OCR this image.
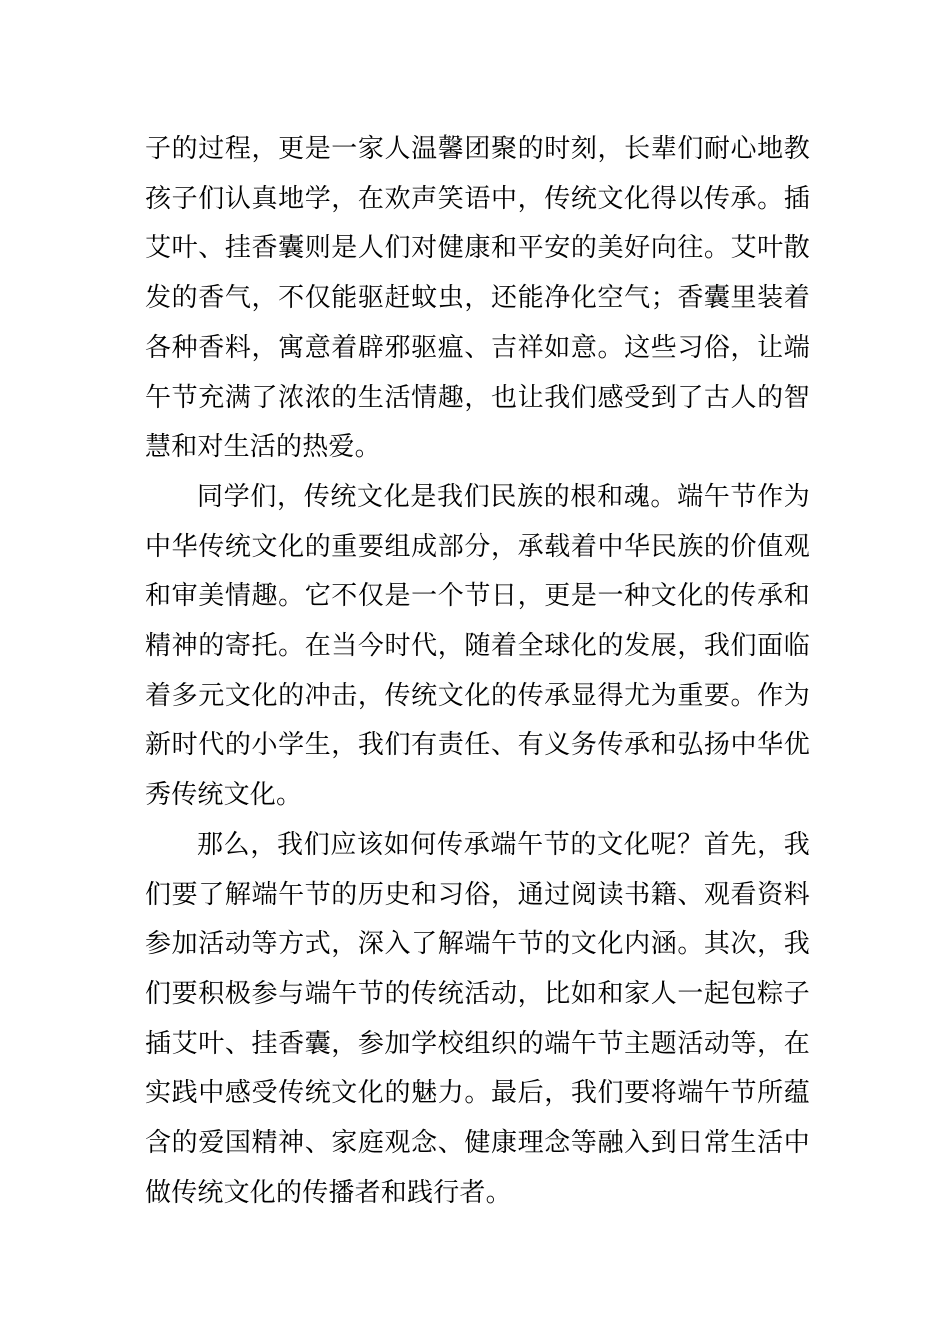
子的过程，更是一家人温馨团聚的时刻，长辈们耐心地教孩子们认真地学，在欢声笑语中，传统文化得以传承。插艾叶、挂香囊则是人们对健康和平安的美好向往。艾叶散发的香气，不仅能驱赶蚊虫，还能净化空气；香囊里装着各种香料，寓意着辟邪驱瘟、吉祥如意。这些习俗，让端午节充满了浓浓的生活情趣，也让我们感受到了古人的智慧和对生活的热爱。

同学们，传统文化是我们民族的根和魂。端午节作为中华传统文化的重要组成部分，承载着中华民族的价值观和审美情趣。它不仅是一个节日，更是一种文化的传承和精神的寄托。在当今时代，随着全球化的发展，我们面临着多元文化的冲击，传统文化的传承显得尤为重要。作为新时代的小学生，我们有责任、有义务传承和弘扬中华优秀传统文化。

那么，我们应该如何传承端午节的文化呢？首先，我们要了解端午节的历史和习俗，通过阅读书籍、观看资料参加活动等方式，深入了解端午节的文化内涵。其次，我们要积极参与端午节的传统活动，比如和家人一起包粽子插艾叶、挂香囊，参加学校组织的端午节主题活动等，在实践中感受传统文化的魅力。最后，我们要将端午节所蕴含的爱国精神、家庭观念、健康理念等融入到日常生活中做传统文化的传播者和践行者。
